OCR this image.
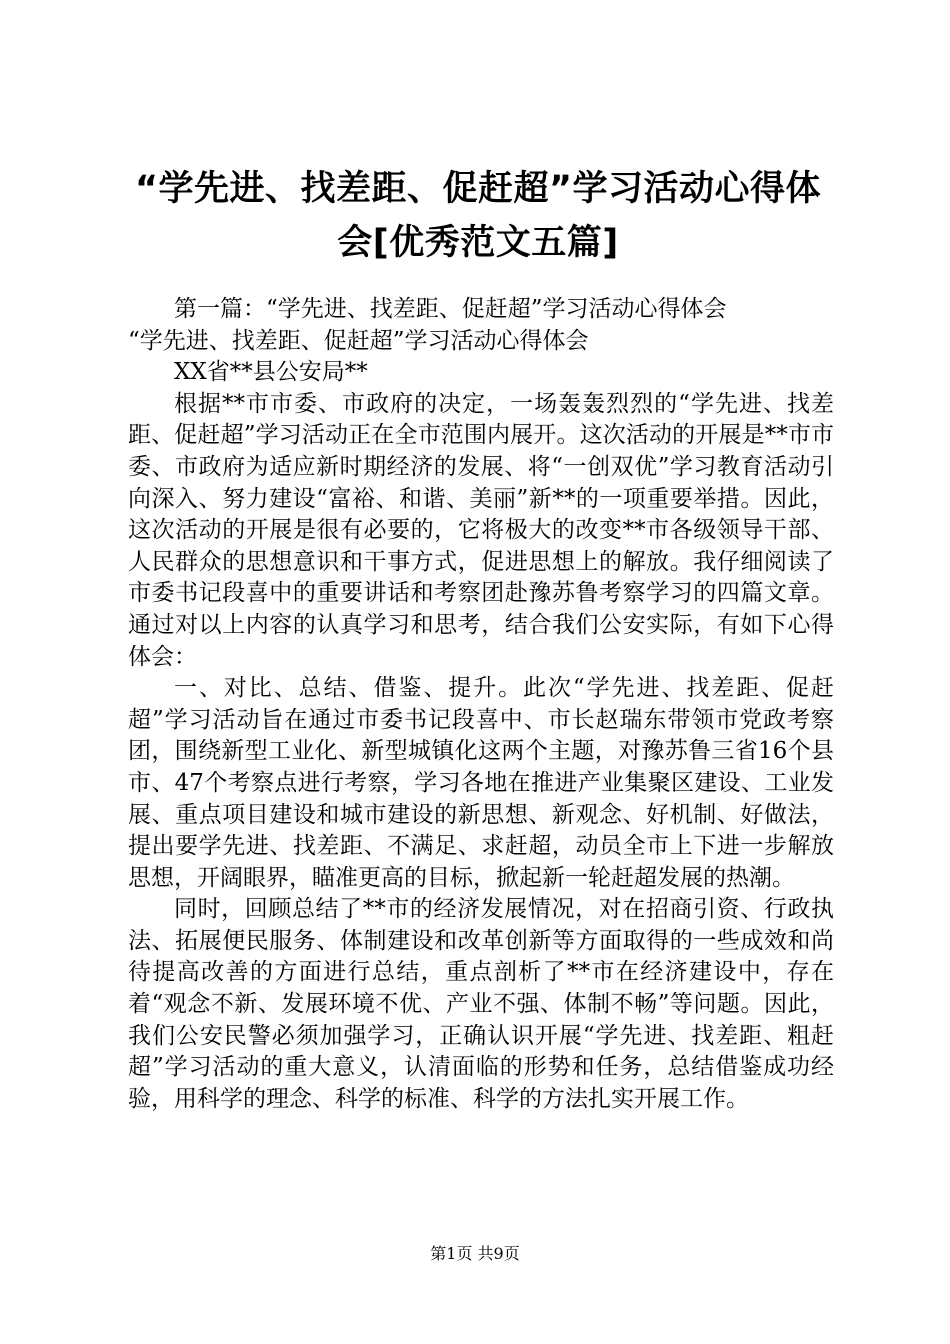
“学先进、找差距、促赶超”学习活动心得体会[优秀范文五篇]

第一篇：“学先进、找差距、促赶超”学习活动心得体会

“学先进、找差距、促赶超”学习活动心得体会

XX省**县公安局**

根据**市市委、市政府的决定，一场轰轰烈烈的“学先进、找差距、促赶超”学习活动正在全市范围内展开。这次活动的开展是**市市委、市政府为适应新时期经济的发展、将“一创双优”学习教育活动引向深入、努力建设“富裕、和谐、美丽”新**的一项重要举措。因此，这次活动的开展是很有必要的，它将极大的改变**市各级领导干部、人民群众的思想意识和干事方式，促进思想上的解放。我仔细阅读了市委书记段喜中的重要讲话和考察团赴豫苏鲁考察学习的四篇文章。通过对以上内容的认真学习和思考，结合我们公安实际，有如下心得体会：

一、对比、总结、借鉴、提升。此次“学先进、找差距、促赶超”学习活动旨在通过市委书记段喜中、市长赵瑞东带领市党政考察团，围绕新型工业化、新型城镇化这两个主题，对豫苏鲁三省16个县市、47个考察点进行考察，学习各地在推进产业集聚区建设、工业发展、重点项目建设和城市建设的新思想、新观念、好机制、好做法，提出要学先进、找差距、不满足、求赶超，动员全市上下进一步解放思想，开阔眼界，瞄准更高的目标，掀起新一轮赶超发展的热潮。

同时，回顾总结了**市的经济发展情况，对在招商引资、行政执法、拓展便民服务、体制建设和改革创新等方面取得的一些成效和尚待提高改善的方面进行总结，重点剖析了**市在经济建设中，存在着“观念不新、发展环境不优、产业不强、体制不畅”等问题。因此，我们公安民警必须加强学习，正确认识开展“学先进、找差距、粗赶超”学习活动的重大意义，认清面临的形势和任务，总结借鉴成功经验，用科学的理念、科学的标准、科学的方法扎实开展工作。

第1页 共9页
